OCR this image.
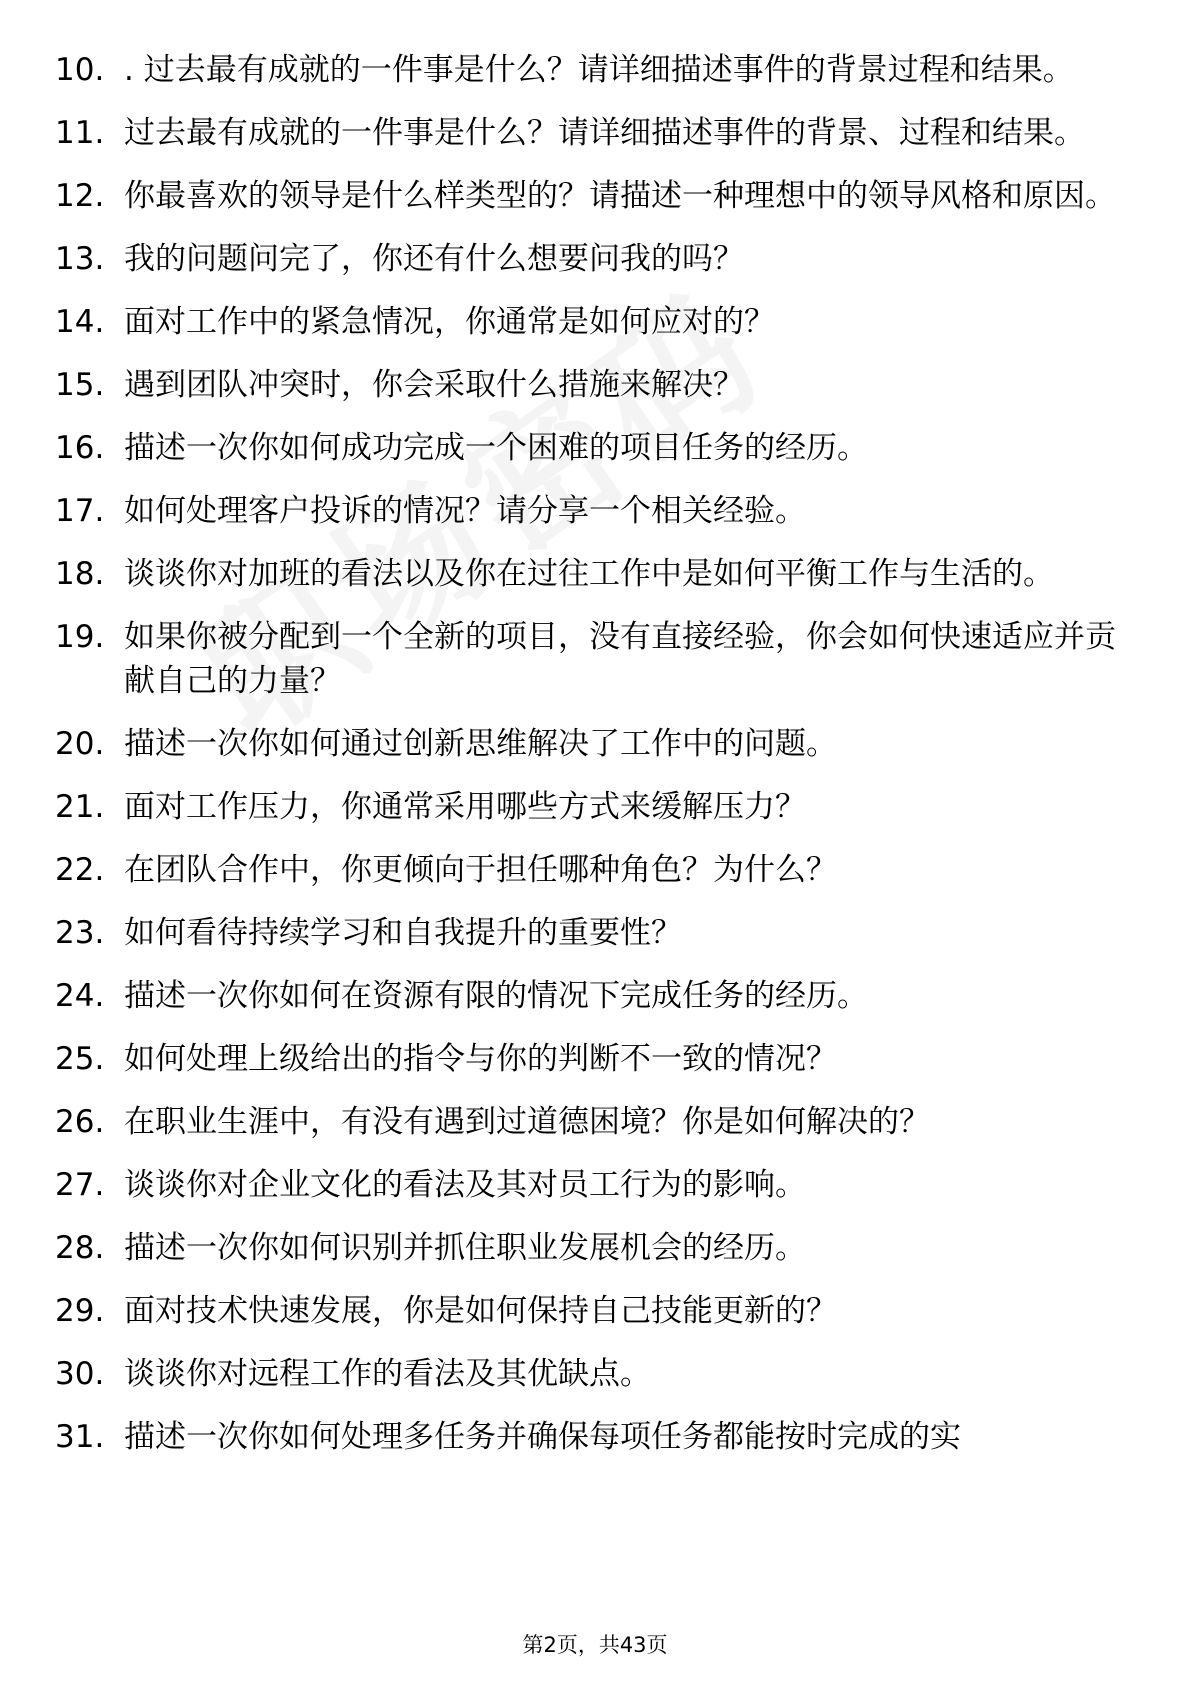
10. . 过去最有成就的一件事是什么？请详细描述事件的背景过程和结果。
11. 过去最有成就的一件事是什么？请详细描述事件的背景、过程和结果。
12. 你最喜欢的领导是什么样类型的？请描述一种理想中的领导风格和原因。
13. 我的问题问完了，你还有什么想要问我的吗？
14. 面对工作中的紧急情况，你通常是如何应对的？
15. 遇到团队冲突时，你会采取什么措施来解决？
16. 描述一次你如何成功完成一个困难的项目任务的经历。
17. 如何处理客户投诉的情况？请分享一个相关经验。
18. 谈谈你对加班的看法以及你在过往工作中是如何平衡工作与生活的。
19. 如果你被分配到一个全新的项目，没有直接经验，你会如何快速适应并贡献自己的力量？
20. 描述一次你如何通过创新思维解决了工作中的问题。
21. 面对工作压力，你通常采用哪些方式来缓解压力？
22. 在团队合作中，你更倾向于担任哪种角色？为什么？
23. 如何看待持续学习和自我提升的重要性？
24. 描述一次你如何在资源有限的情况下完成任务的经历。
25. 如何处理上级给出的指令与你的判断不一致的情况？
26. 在职业生涯中，有没有遇到过道德困境？你是如何解决的？
27. 谈谈你对企业文化的看法及其对员工行为的影响。
28. 描述一次你如何识别并抓住职业发展机会的经历。
29. 面对技术快速发展，你是如何保持自己技能更新的？
30. 谈谈你对远程工作的看法及其优缺点。
31. 描述一次你如何处理多任务并确保每项任务都能按时完成的实
第2页，共43页
